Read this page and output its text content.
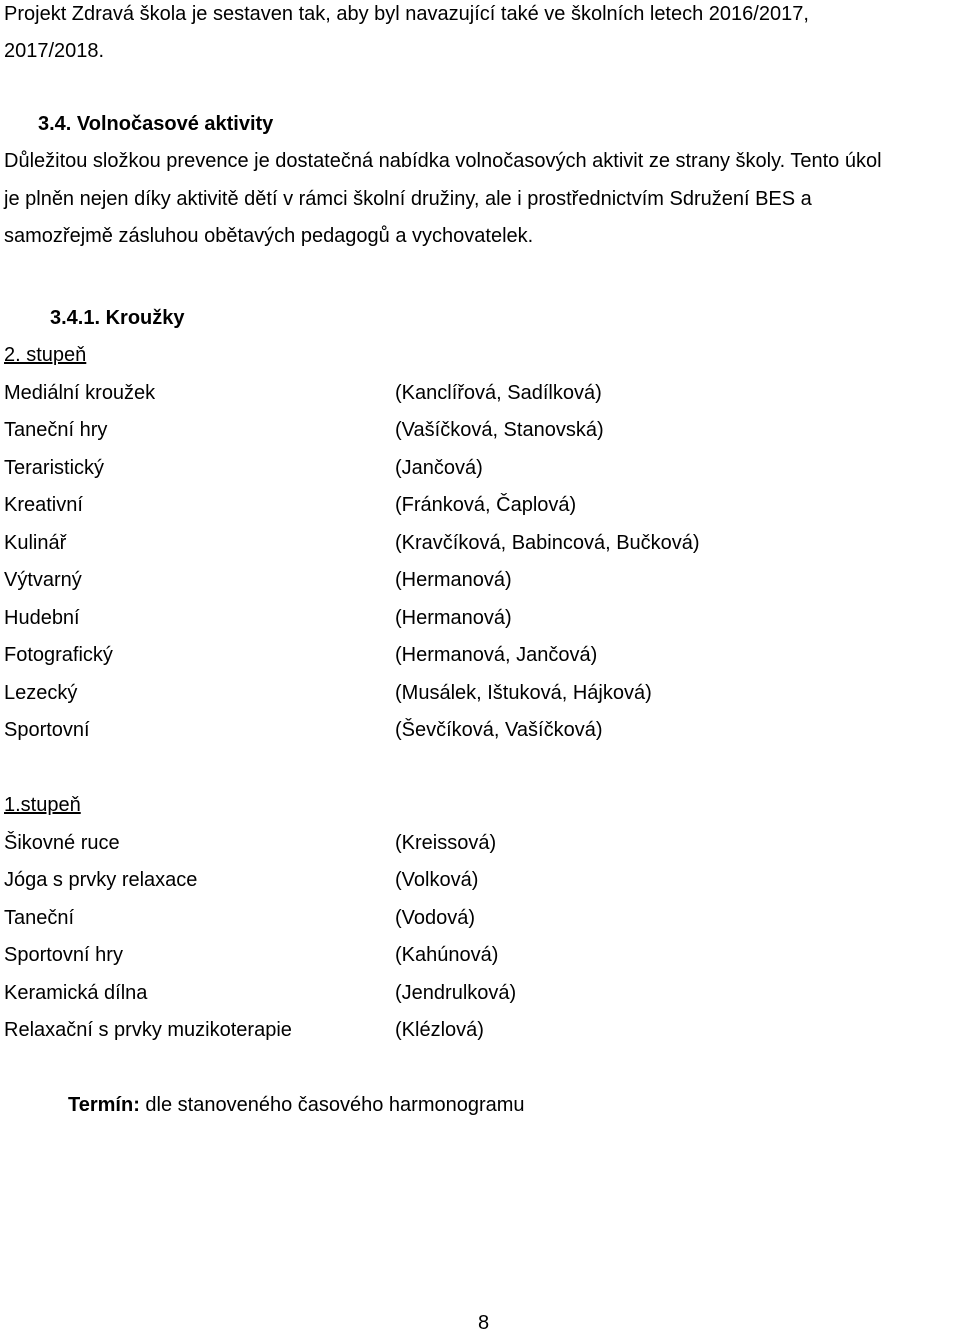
Projekt Zdravá škola je sestaven tak, aby byl navazující také ve školních letech 2016/2017,
2017/2018.
3.4. Volnočasové aktivity
Důležitou složkou prevence je dostatečná nabídka volnočasových aktivit ze strany školy. Tento úkol
je plněn nejen díky aktivitě dětí v rámci školní družiny, ale i prostřednictvím Sdružení BES a
samozřejmě zásluhou obětavých pedagogů a vychovatelek.
3.4.1. Kroužky
2. stupeň
Mediální kroužek	(Kanclířová, Sadílková)
Taneční hry	(Vašíčková, Stanovská)
Teraristický	(Jančová)
Kreativní	(Fránková, Čaplová)
Kulinář	(Kravčíková, Babincová, Bučková)
Výtvarný	(Hermanová)
Hudební	(Hermanová)
Fotografický	(Hermanová, Jančová)
Lezecký	(Musálek, Ištuková, Hájková)
Sportovní	(Ševčíková, Vašíčková)
1.stupeň
Šikovné ruce	(Kreissová)
Jóga s prvky relaxace	(Volková)
Taneční	(Vodová)
Sportovní hry	(Kahúnová)
Keramická dílna	(Jendrulková)
Relaxační s prvky muzikoterapie	(Klézlová)
Termín: dle stanoveného časového harmonogramu
8
